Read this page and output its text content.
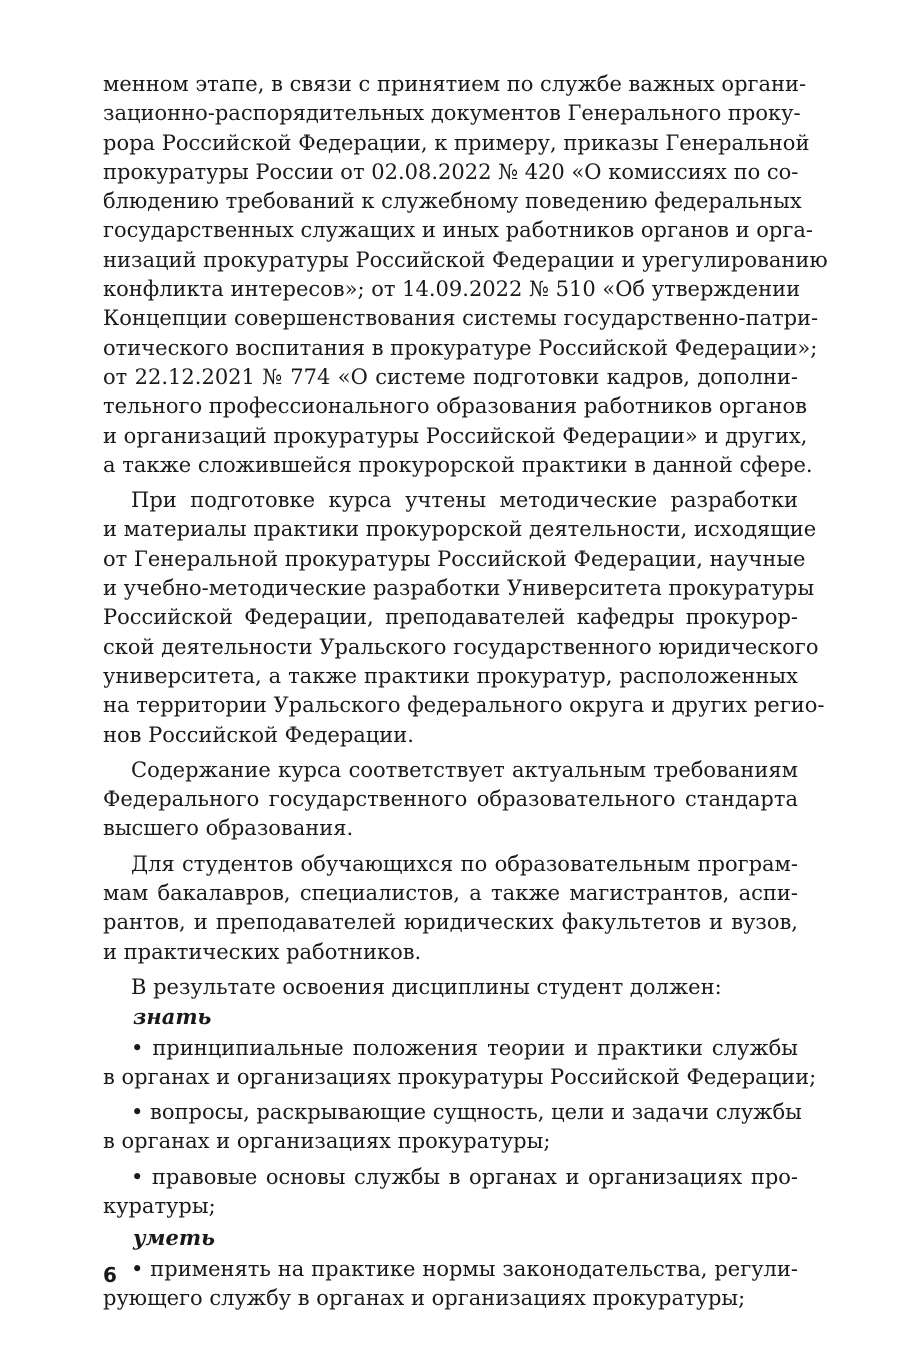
менном этапе, в связи с принятием по службе важных органи-
зационно-распорядительных документов Генерального проку-
рора Российской Федерации, к примеру, приказы Генеральной
прокуратуры России от 02.08.2022 № 420 «О комиссиях по со-
блюдению требований к служебному поведению федеральных
государственных служащих и иных работников органов и орга-
низаций прокуратуры Российской Федерации и урегулированию
конфликта интересов»; от 14.09.2022 № 510 «Об утверждении
Концепции совершенствования системы государственно-патри-
отического воспитания в прокуратуре Российской Федерации»;
от 22.12.2021 № 774 «О системе подготовки кадров, дополни-
тельного профессионального образования работников органов
и организаций прокуратуры Российской Федерации» и других,
а также сложившейся прокурорской практики в данной сфере.
При подготовке курса учтены методические разработки
и материалы практики прокурорской деятельности, исходящие
от Генеральной прокуратуры Российской Федерации, научные
и учебно-методические разработки Университета прокуратуры
Российской Федерации, преподавателей кафедры прокурор-
ской деятельности Уральского государственного юридического
университета, а также практики прокуратур, расположенных
на территории Уральского федерального округа и других регио-
нов Российской Федерации.
Содержание курса соответствует актуальным требованиям
Федерального государственного образовательного стандарта
высшего образования.
Для студентов обучающихся по образовательным програм-
мам бакалавров, специалистов, а также магистрантов, аспи-
рантов, и преподавателей юридических факультетов и вузов,
и практических работников.
В результате освоения дисциплины студент должен:
знать
• принципиальные положения теории и практики службы
в органах и организациях прокуратуры Российской Федерации;
• вопросы, раскрывающие сущность, цели и задачи службы
в органах и организациях прокуратуры;
• правовые основы службы в органах и организациях про-
куратуры;
уметь
• применять на практике нормы законодательства, регули-
рующего службу в органах и организациях прокуратуры;
6
